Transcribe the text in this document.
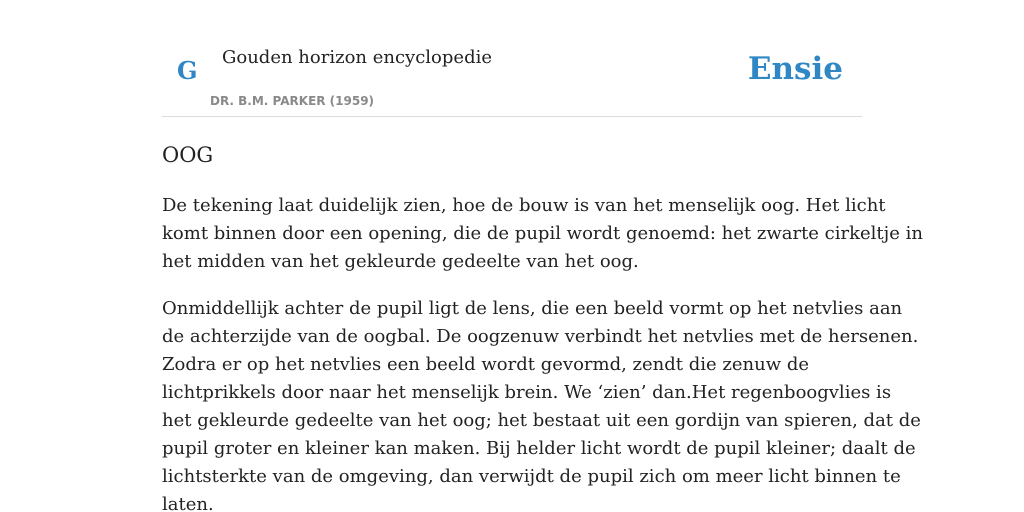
G Gouden horizon encyclopedie
DR. B.M. PARKER (1959)
Ensie
OOG

De tekening laat duidelijk zien, hoe de bouw is van het menselijk oog. Het licht
komt binnen door een opening, die de pupil wordt genoemd: het zwarte cirkeltje in
het midden van het gekleurde gedeelte van het oog.

Onmiddellijk achter de pupil ligt de lens, die een beeld vormt op het netvlies aan
de achterzijde van de oogbal. De oogzenuw verbindt het netvlies met de hersenen.
Zodra er op het netvlies een beeld wordt gevormd, zendt die zenuw de
lichtprikkels door naar het menselijk brein. We ‘zien’ dan.Het regenboogvlies is
het gekleurde gedeelte van het oog; het bestaat uit een gordijn van spieren, dat de
pupil groter en kleiner kan maken. Bij helder licht wordt de pupil kleiner; daalt de
lichtsterkte van de omgeving, dan verwijdt de pupil zich om meer licht binnen te
laten.
